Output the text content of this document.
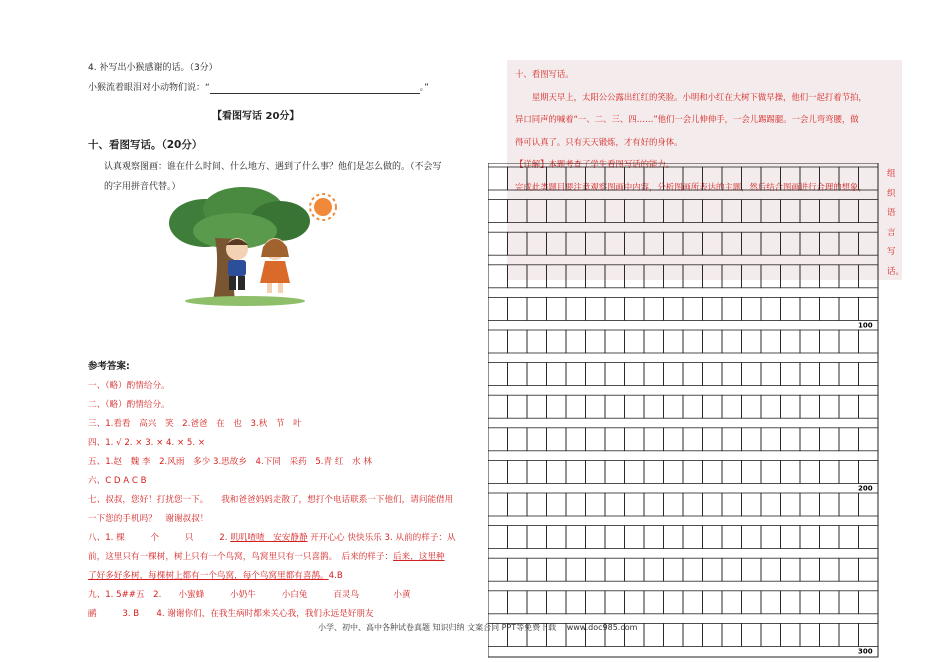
4. 补写出小猴感谢的话。（3分）
小猴流着眼泪对小动物们说：“	。”
【看图写话 20分】
十、看图写话。（20分）
认真观察图画：谁在什么时间、什么地方、遇到了什么事？他们是怎么做的。（不会写的字用拼音代替。）
参考答案:
一、（略）酌情给分。
二、（略）酌情给分。
三、1.看看　高兴　笑　2.爸爸　在　也　3.秋　节　叶
四、1. √ 2. × 3. × 4. × 5. ×
五、1.赵　魏 李　2.风雨　多少 3.思故乡　4.下同　采药　5.青 红　水 林
六、C D A C B
七、叔叔，您好！打扰您一下。　　我和爸爸妈妈走散了，想打个电话联系一下他们，请问能借用
一下您的手机吗？　谢谢叔叔！
八、1. 棵　　　个　　　只　　　2. 叽叽喳喳　安安静静 开开心心 快快乐乐 3. 从前的样子：从
前，这里只有一棵树，树上只有一个鸟窝，鸟窝里只有一只喜鹊。　后来的样子：后来，这里种
了好多好多树，每棵树上都有一个鸟窝，每个鸟窝里都有喜鹊。4.B
九、1. 5##五　2.　　小蜜蜂　　　小奶牛　　　小白兔　　　百灵鸟　　　　小黄
鹂　　　3. B　　4. 谢谢你们，在我生病时都来关心我，我们永远是好朋友
十、看图写话。
　　星期天早上，太阳公公露出红红的笑脸。小明和小红在大树下做早操，他们一起打着节拍，
异口同声的喊着“一、二、三、四……”他们一会儿伸伸手，一会儿踢踢腿。一会儿弯弯腰，做
得可认真了。只有天天锻炼，才有好的身体。
【详解】本题考查了学生看图写话的能力。
完成此类题目要注意观察图画中内容，分析图画所表达的主题，然后结合图画进行合理的想象，
组织语言写话。
100
200
300
小学、初中、高中各种试卷真题 知识归纳 文案合同 PPT等免费下载　 www.doc985.com
